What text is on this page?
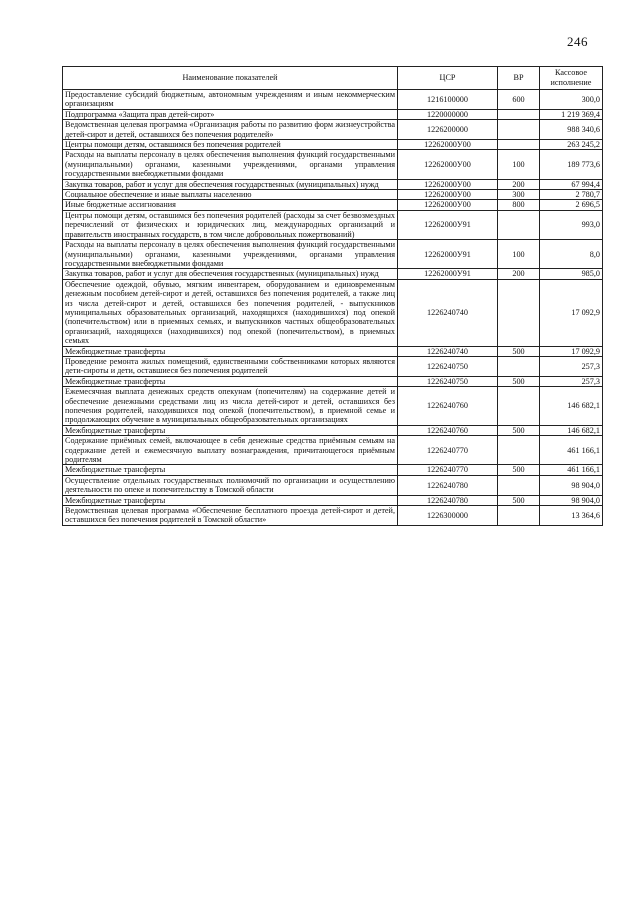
246
Наименование показателей	ЦСР	ВР	Кассовое исполнение
Предоставление субсидий бюджетным, автономным учреждениям и иным некоммерческим организациям	1216100000	600	300,0
Подпрограмма «Защита прав детей-сирот»	1220000000		1 219 369,4
Ведомственная целевая программа «Организация работы по развитию форм жизнеустройства детей-сирот и детей, оставшихся без попечения родителей»	1226200000		988 340,6
Центры помощи детям, оставшимся без попечения родителей	12262000У00		263 245,2
Расходы на выплаты персоналу в целях обеспечения выполнения функций государственными (муниципальными) органами, казенными учреждениями, органами управления государственными внебюджетными фондами	12262000У00	100	189 773,6
Закупка товаров, работ и услуг для обеспечения государственных (муниципальных) нужд	12262000У00	200	67 994,4
Социальное обеспечение и иные выплаты населению	12262000У00	300	2 780,7
Иные бюджетные ассигнования	12262000У00	800	2 696,5
Центры помощи детям, оставшимся без попечения родителей (расходы за счет безвозмездных перечислений от физических и юридических лиц, международных организаций и правительств иностранных государств, в том числе добровольных пожертвований)	12262000У91		993,0
Расходы на выплаты персоналу в целях обеспечения выполнения функций государственными (муниципальными) органами, казенными учреждениями, органами управления государственными внебюджетными фондами	12262000У91	100	8,0
Закупка товаров, работ и услуг для обеспечения государственных (муниципальных) нужд	12262000У91	200	985,0
Обеспечение одеждой, обувью, мягким инвентарем, оборудованием и единовременным денежным пособием детей-сирот и детей, оставшихся без попечения родителей, а также лиц из числа детей-сирот и детей, оставшихся без попечения родителей, - выпускников муниципальных образовательных организаций, находящихся (находившихся) под опекой (попечительством) или в приемных семьях, и выпускников частных общеобразовательных организаций, находящихся (находившихся) под опекой (попечительством), в приемных семьях	1226240740		17 092,9
Межбюджетные трансферты	1226240740	500	17 092,9
Проведение ремонта жилых помещений, единственными собственниками которых являются дети-сироты и дети, оставшиеся без попечения родителей	1226240750		257,3
Межбюджетные трансферты	1226240750	500	257,3
Ежемесячная выплата денежных средств опекунам (попечителям) на содержание детей и обеспечение денежными средствами лиц из числа детей-сирот и детей, оставшихся без попечения родителей, находившихся под опекой (попечительством), в приемной семье и продолжающих обучение в муниципальных общеобразовательных организациях	1226240760		146 682,1
Межбюджетные трансферты	1226240760	500	146 682,1
Содержание приёмных семей, включающее в себя денежные средства приёмным семьям на содержание детей и ежемесячную выплату вознаграждения, причитающегося приёмным родителям	1226240770		461 166,1
Межбюджетные трансферты	1226240770	500	461 166,1
Осуществление отдельных государственных полномочий по организации и осуществлению деятельности по опеке и попечительству в Томской области	1226240780		98 904,0
Межбюджетные трансферты	1226240780	500	98 904,0
Ведомственная целевая программа «Обеспечение бесплатного проезда детей-сирот и детей, оставшихся без попечения родителей в Томской области»	1226300000		13 364,6
